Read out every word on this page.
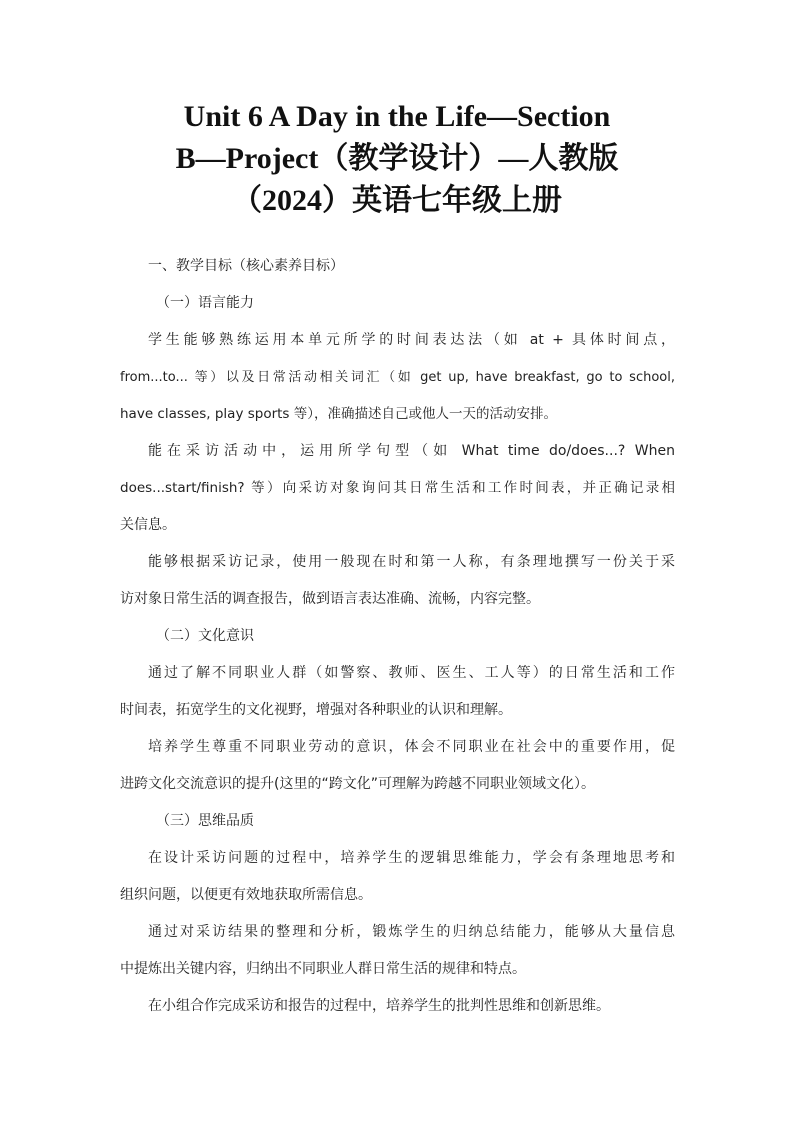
Unit 6 A Day in the Life—Section
B—Project（教学设计）—人教版
（2024）英语七年级上册
一、教学目标（核心素养目标）
（一）语言能力
学生能够熟练运用本单元所学的时间表达法（如 at + 具体时间点，
from...to... 等）以及日常活动相关词汇（如 get up, have breakfast, go to school,
have classes, play sports 等），准确描述自己或他人一天的活动安排。
能在采访活动中，运用所学句型（如 What time do/does...? When
does...start/finish? 等）向采访对象询问其日常生活和工作时间表，并正确记录相
关信息。
能够根据采访记录，使用一般现在时和第一人称，有条理地撰写一份关于采
访对象日常生活的调查报告，做到语言表达准确、流畅，内容完整。
（二）文化意识
通过了解不同职业人群（如警察、教师、医生、工人等）的日常生活和工作
时间表，拓宽学生的文化视野，增强对各种职业的认识和理解。
培养学生尊重不同职业劳动的意识，体会不同职业在社会中的重要作用，促
进跨文化交流意识的提升(这里的“跨文化”可理解为跨越不同职业领域文化）。
（三）思维品质
在设计采访问题的过程中，培养学生的逻辑思维能力，学会有条理地思考和
组织问题，以便更有效地获取所需信息。
通过对采访结果的整理和分析，锻炼学生的归纳总结能力，能够从大量信息
中提炼出关键内容，归纳出不同职业人群日常生活的规律和特点。
在小组合作完成采访和报告的过程中，培养学生的批判性思维和创新思维。
